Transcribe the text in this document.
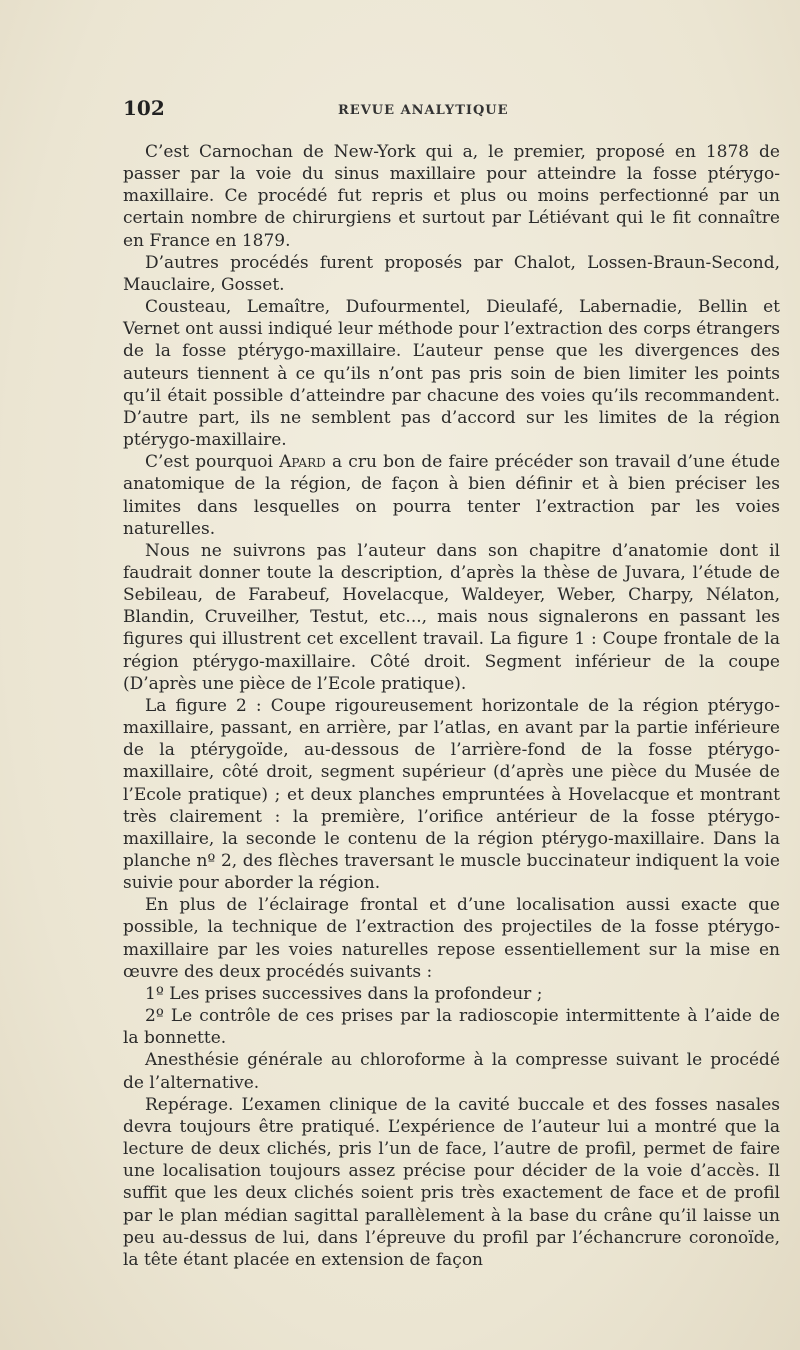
102	REVUE ANALYTIQUE

C’est Carnochan de New-York qui a, le premier, proposé en 1878 de passer par la voie du sinus maxillaire pour atteindre la fosse ptérygo-maxillaire. Ce procédé fut repris et plus ou moins perfectionné par un certain nombre de chirurgiens et surtout par Létiévant qui le fit connaître en France en 1879.

D’autres procédés furent proposés par Chalot, Lossen-Braun-Second, Mauclaire, Gosset.

Cousteau, Lemaître, Dufourmentel, Dieulafé, Labernadie, Bellin et Vernet ont aussi indiqué leur méthode pour l’extraction des corps étrangers de la fosse ptérygo-maxillaire. L’auteur pense que les divergences des auteurs tiennent à ce qu’ils n’ont pas pris soin de bien limiter les points qu’il était possible d’atteindre par chacune des voies qu’ils recommandent. D’autre part, ils ne semblent pas d’accord sur les limites de la région ptérygo-maxillaire.

C’est pourquoi Apard a cru bon de faire précéder son travail d’une étude anatomique de la région, de façon à bien définir et à bien préciser les limites dans lesquelles on pourra tenter l’extraction par les voies naturelles.

Nous ne suivrons pas l’auteur dans son chapitre d’anatomie dont il faudrait donner toute la description, d’après la thèse de Juvara, l’étude de Sebileau, de Farabeuf, Hovelacque, Waldeyer, Weber, Charpy, Nélaton, Blandin, Cruveilher, Testut, etc..., mais nous signalerons en passant les figures qui illustrent cet excellent travail. La figure 1 : Coupe frontale de la région ptérygo-maxillaire. Côté droit. Segment inférieur de la coupe (D’après une pièce de l’Ecole pratique).

La figure 2 : Coupe rigoureusement horizontale de la région ptérygo-maxillaire, passant, en arrière, par l’atlas, en avant par la partie inférieure de la ptérygoïde, au-dessous de l’arrière-fond de la fosse ptérygo-maxillaire, côté droit, segment supérieur (d’après une pièce du Musée de l’Ecole pratique) ; et deux planches empruntées à Hovelacque et montrant très clairement : la première, l’orifice antérieur de la fosse ptérygo-maxillaire, la seconde le contenu de la région ptérygo-maxillaire. Dans la planche nº 2, des flèches traversant le muscle buccinateur indiquent la voie suivie pour aborder la région.

En plus de l’éclairage frontal et d’une localisation aussi exacte que possible, la technique de l’extraction des projectiles de la fosse ptérygo-maxillaire par les voies naturelles repose essentiellement sur la mise en œuvre des deux procédés suivants :

1º Les prises successives dans la profondeur ;

2º Le contrôle de ces prises par la radioscopie intermittente à l’aide de la bonnette.

Anesthésie générale au chloroforme à la compresse suivant le procédé de l’alternative.

Repérage. L’examen clinique de la cavité buccale et des fosses nasales devra toujours être pratiqué. L’expérience de l’auteur lui a montré que la lecture de deux clichés, pris l’un de face, l’autre de profil, permet de faire une localisation toujours assez précise pour décider de la voie d’accès. Il suffit que les deux clichés soient pris très exactement de face et de profil par le plan médian sagittal parallèlement à la base du crâne qu’il laisse un peu au-dessus de lui, dans l’épreuve du profil par l’échancrure coronoïde, la tête étant placée en extension de façon
